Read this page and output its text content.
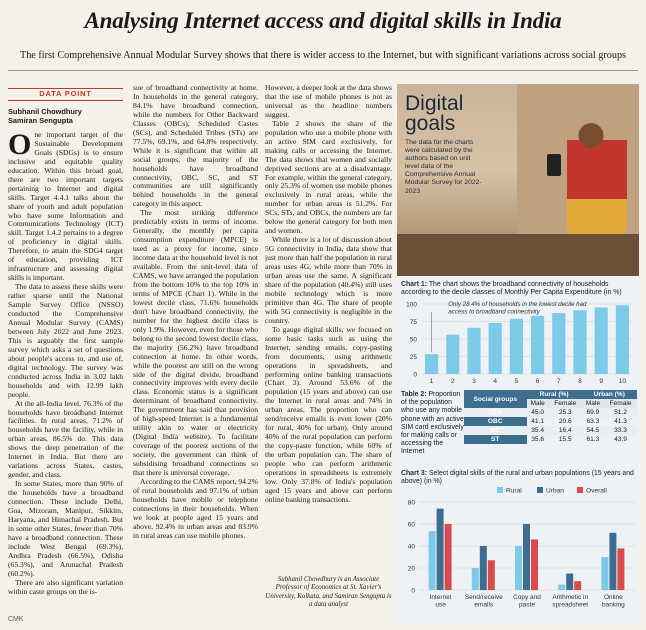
Analysing Internet access and digital skills in India
The first Comprehensive Annual Modular Survey shows that there is wider access to the Internet, but with significant variations across social groups
DATA POINT
Subhanil Chowdhury
Samiran Sengupta

One important target of the Sustainable Development Goals (SDGs) is to ensure inclusive and equitable quality education. Within this broad goal, there are two important targets pertaining to Internet and digital skills. Target 4.4.1 talks about the share of youth and adult population who have some Information and Communications Technology (ICT) skill. Target 1.4.2 pertains to a degree of proficiency in digital skills. Therefore, to attain the SDG4 target of education, providing ICT infrastructure and assessing digital skills is important.

The data to assess these skills were rather sparse until the National Sample Survey Office (NSSO) conducted the Comprehensive Annual Modular Survey (CAMS) between July 2022 and June 2023. This is arguably the first sample survey which asks a set of questions about people's access to, and use of, digital technology. The survey was conducted across India in 3.02 lakh households and with 12.99 lakh people.

At the all-India level, 76.3% of the households have broadband Internet facilities. In rural areas, 71.2% of households have the facility, while in urban areas, 86.5% do. This data shows the deep penetration of the Internet in India. But there are variations across States, castes, gender, and class.

In some States, more than 90% of the households have a broadband connection. These include Delhi, Goa, Mizoram, Manipur, Sikkim, Haryana, and Himachal Pradesh. But in some other States, fewer than 70% have a broadband connection. These include West Bengal (69.3%), Andhra Pradesh (66.5%), Odisha (65.3%), and Arunachal Pradesh (60.2%).

There are also significant variation within caste groups on the is-

sue of broadband connectivity at home. In households in the general category, 84.1% have broadband connection, while the numbers for Other Backward Classes (OBCs), Scheduled Castes (SCs), and Scheduled Tribes (STs) are 77.5%, 69.1%, and 64.8% respectively. While it is significant that within all social groups, the majority of the households have broadband connectivity, OBC, SC, and ST communities are still significantly behind households in the general category in this aspect.

The most striking difference predictably exists in terms of income. Generally, the monthly per capita consumption expenditure (MPCE) is used as a proxy for income, since income data at the household level is not available. From the unit-level data of CAMS, we have arranged the population from the bottom 10% to the top 10% in terms of MPCE (Chart 1). While in the lowest decile class, 71.6% households don't have broadband connectivity, the number for the highest decile class is only 1.9%. However, even for those who belong to the second lowest decile class, the majority (56.2%) have broadband connection at home. In other words, while the poorest are still on the wrong side of the digital divide, broadband connectivity improves with every decile class. Economic status is a significant determinant of broadband connectivity. The government has said that provision of high-speed Internet is a fundamental utility akin to water or electricity (Digital India website). To facilitate coverage of the poorest sections of the society, the government can think of subsidising broadband connections so that there is universal coverage.

According to the CAMS report, 94.2% of rural households and 97.1% of urban households have mobile or telephone connections in their households. When we look at people aged 15 years and above, 92.4% in urban areas and 83.9% in rural areas can use mobile phones.

However, a deeper look at the data shows that the use of mobile phones is not as universal as the headline numbers suggest.

Table 2 shows the share of the population who use a mobile phone with an active SIM card exclusively, for making calls or accessing the Internet. The data shows that women and socially deprived sections are at a disadvantage. For example, within the general category, only 25.3% of women use mobile phones exclusively in rural areas, while the number for urban areas is 51.2%. For SCs, STs, and OBCs, the numbers are far below the general category for both men and women.

While there is a lot of discussion about 5G connectivity in India, data show that just more than half the population in rural areas uses 4G, while more than 70% in urban areas use the same. A significant share of the population (40.4%) still uses mobile technology which is more primitive than 4G. The share of people with 5G connectivity is negligible in the country.

To gauge digital skills, we focused on some basic tasks such as using the Internet, sending emails, copy-pasting from documents, using arithmetic operations in spreadsheets, and performing online banking transactions (Chart 3). Around 53.6% of the population (15 years and above) can use the Internet in rural areas and 74% in urban areas. The proportion who can send/receive emails is even lower (20% for rural, 40% for urban). Only around 40% of the rural population can perform the copy-paste function, while 60% of the urban population can. The share of people who can perform arithmetic operations in spreadsheets is extremely low. Only 37.8% of India's population aged 15 years and above can perform online banking transactions.

Subhanil Chowdhury is an Associate Professor of Economics at St. Xavier's University, Kolkata, and Samiran Sengupta is a data analyst
CMK
Digital
goals
The data for the charts were calculated by the authors based on unit level data of the Comprehensive Annual Modular Survey for 2022-2023
Chart 1: The chart shows the broadband connectivity of households according to the decile classes of Monthly Per Capita Expenditure (in %)
0
25
50
75
100
1	2	3	4	5	6	7	8	9 10
Only 28.4% of households in the lowest decile had access to broadband connectivity
Table 2: Proportion of the population who use any mobile phone with an active SIM card exclusively for making calls or accessing the Internet
Social groups	Rural (%)		Urban (%)	
	Male	Female	Male	Female
GEN	45.0	25.3	69.9	51.2
OBC	41.1	20.6	63.3	41.3
SC	35.4	16.4	54.5	33.3
ST	35.6	15.5	61.3	43.9
Chart 3: Select digital skills of the rural and urban populations (15 years and above) (in %)
Rural	Urban	Overall
0
20
40
60
80
Internet use
Send/receive emails
Copy and paste
Arithmetic in spreadsheet
Online banking
